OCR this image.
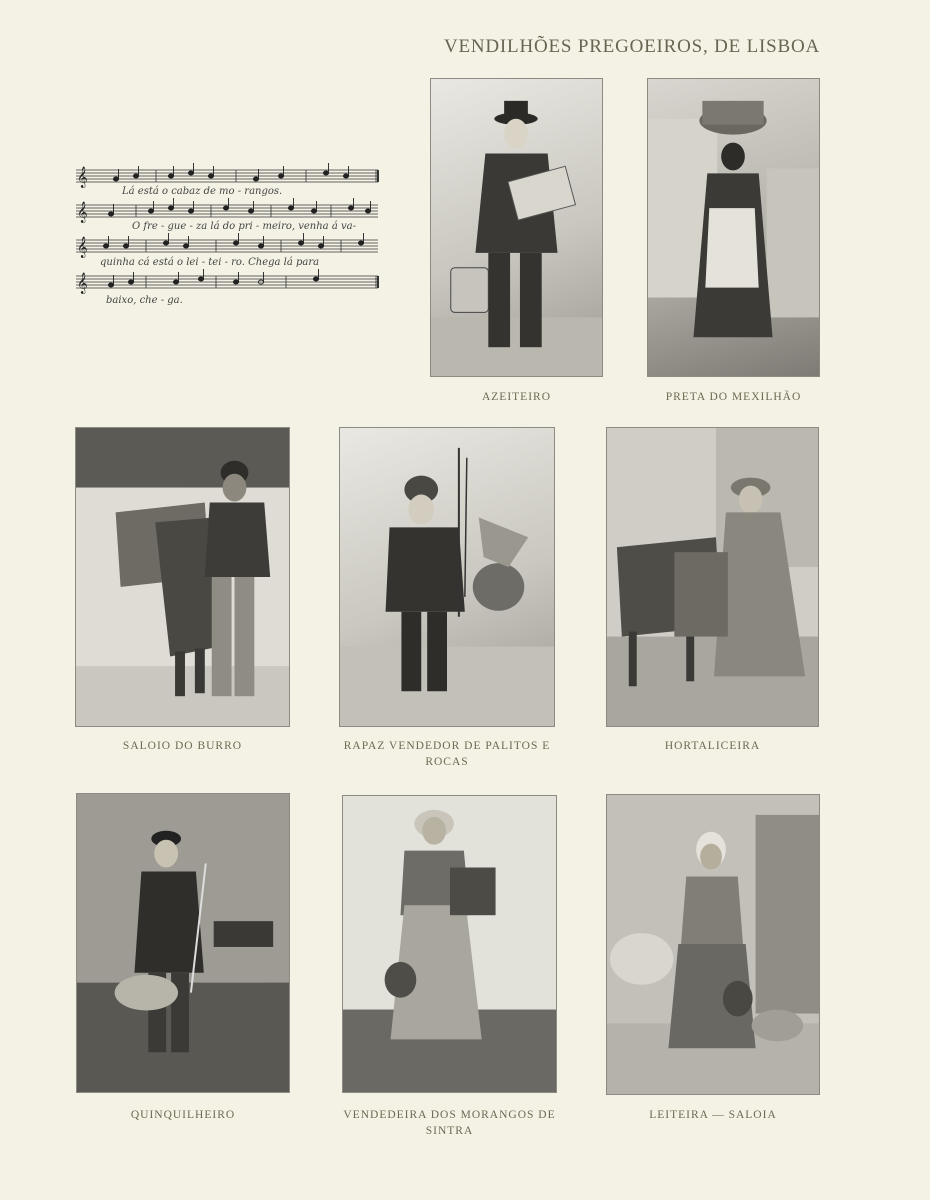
VENDILHÕES PREGOEIROS, DE LISBOA
𝄞
𝄞
𝄞
𝄞
Lá está o cabaz de mo - rangos.
O fre - gue - za lá do pri - meiro, venha á va-
quinha cá está o lei - tei - ro. Chega lá para
baixo, che - ga.
AZEITEIRO	PRETA DO MEXILHÃO
SALOIO DO BURRO	RAPAZ VENDEDOR DE PALITOS E ROCAS
HORTALICEIRA
QUINQUILHEIRO	VENDEDEIRA DOS MORANGOS DE SINTRA
LEITEIRA — SALOIA
